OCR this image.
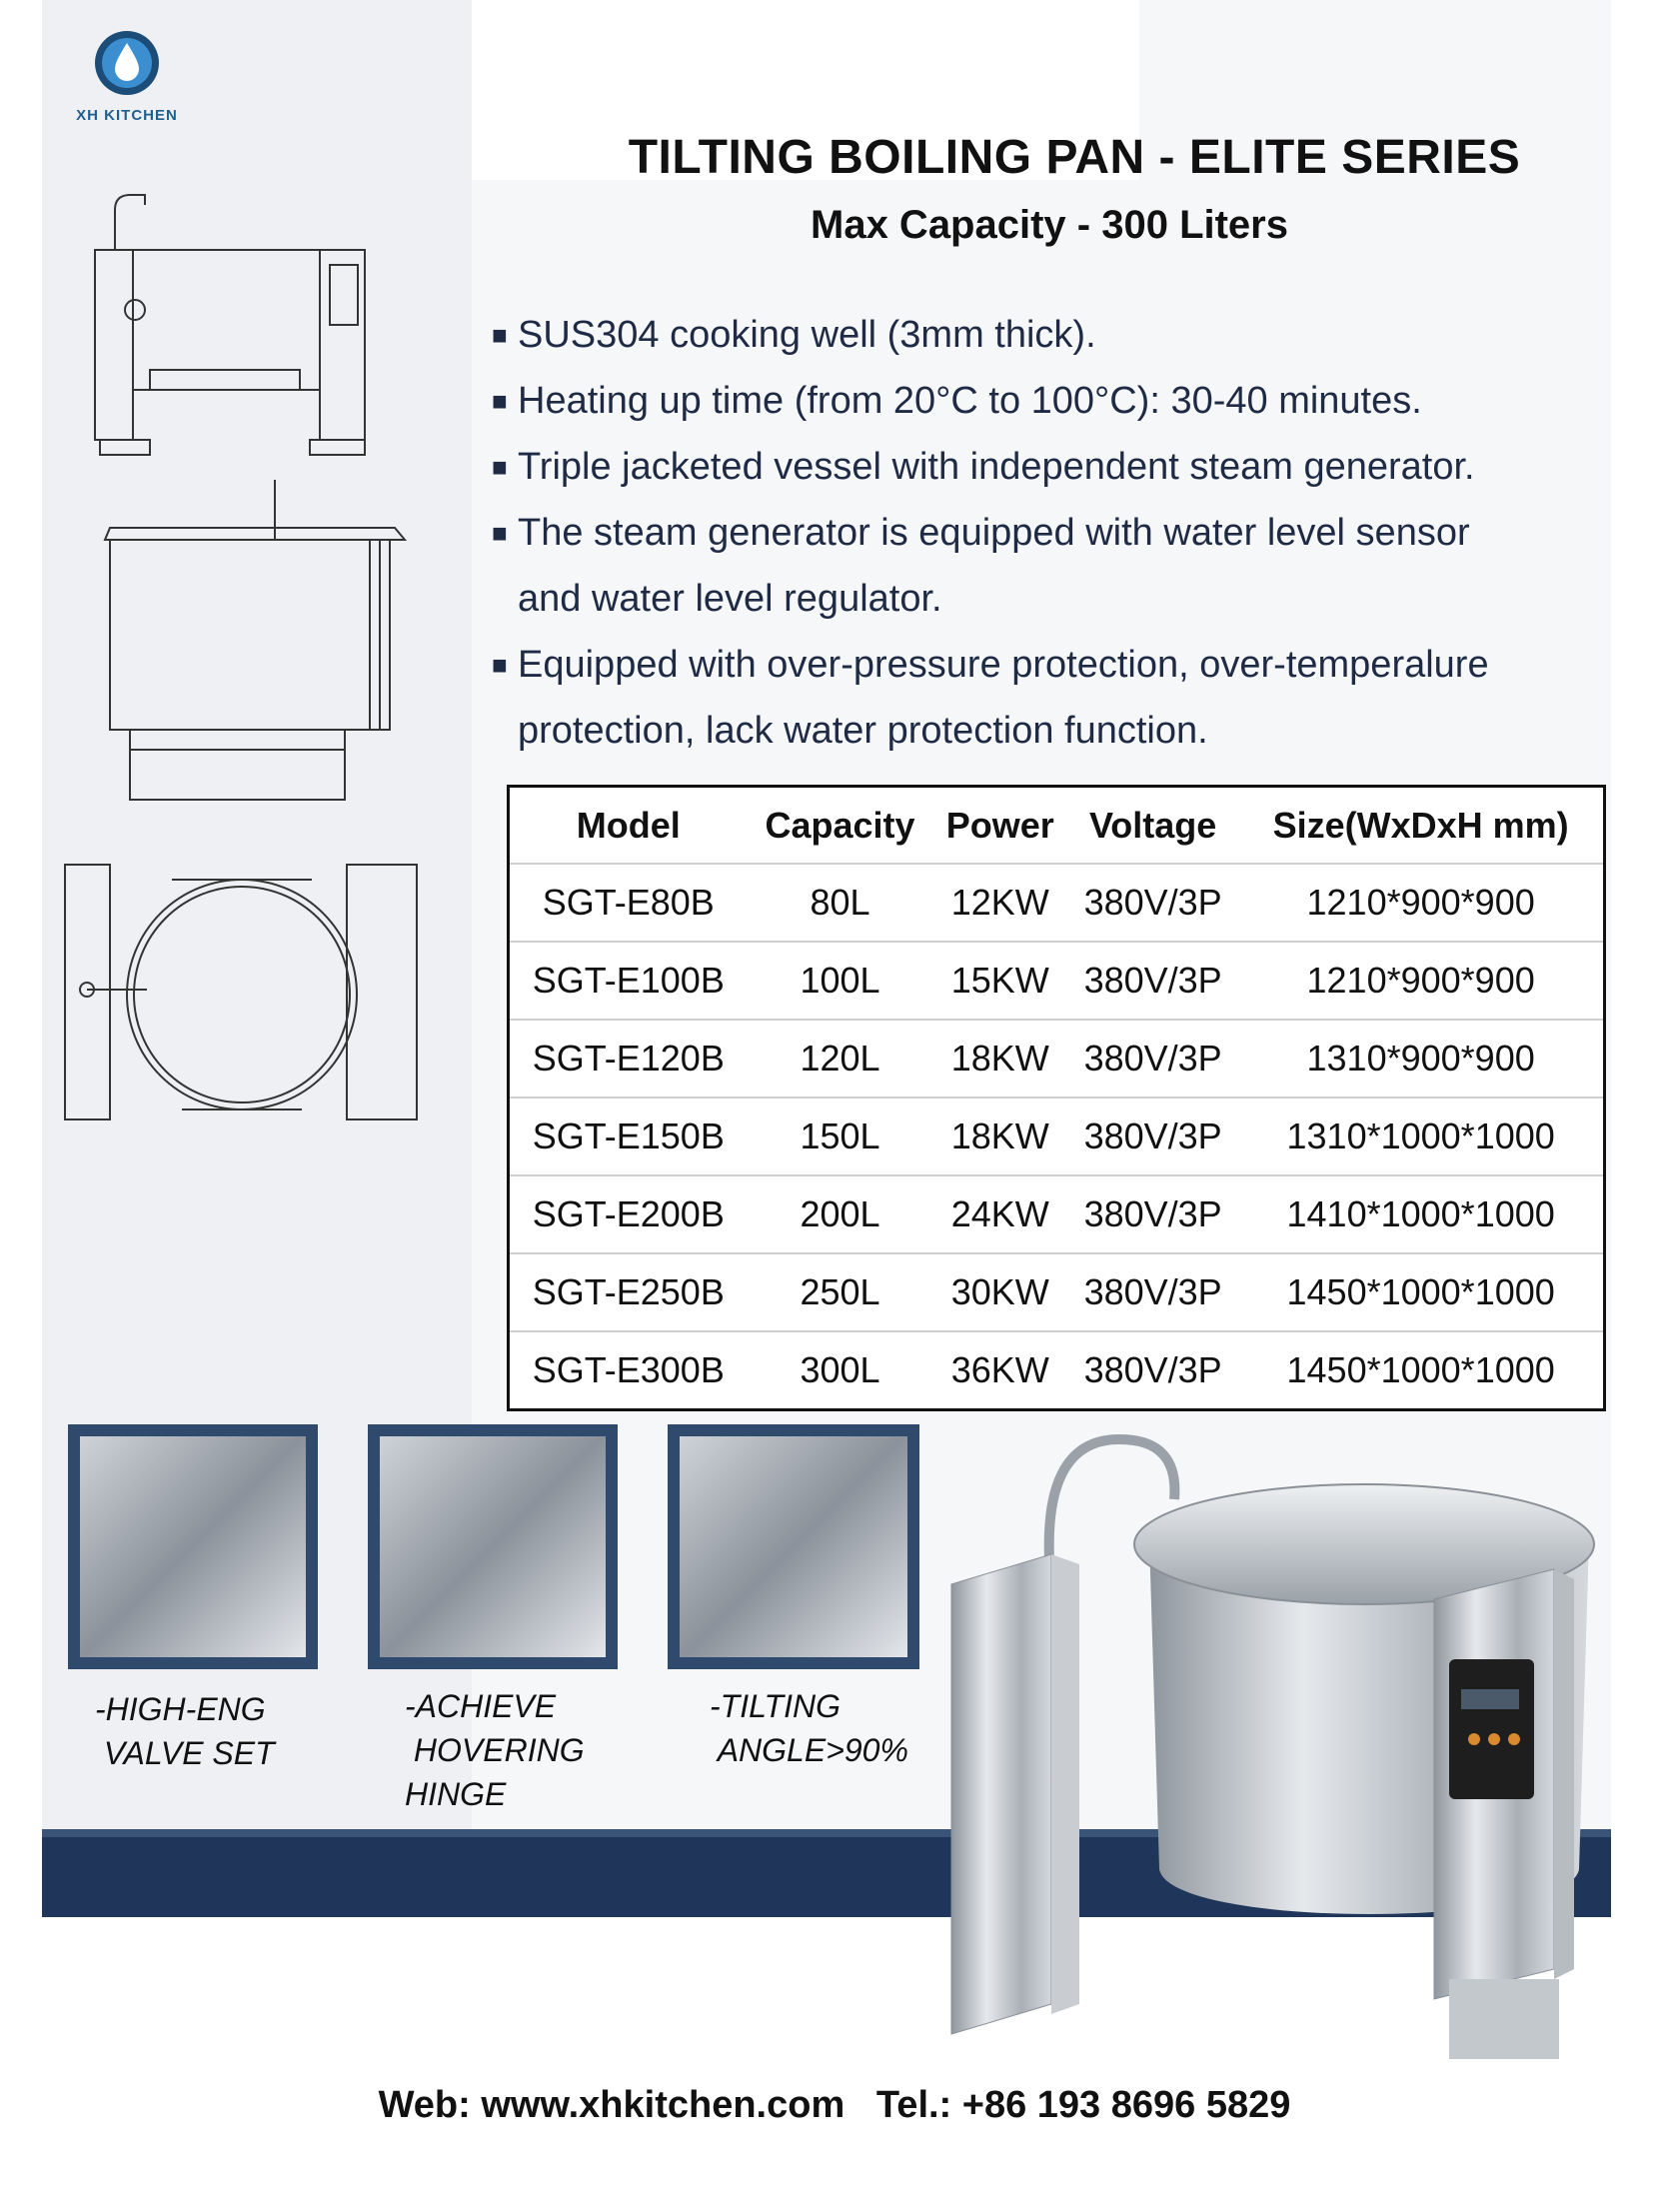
XH KITCHEN
TILTING BOILING PAN - ELITE SERIES
Max Capacity - 300 Liters
■ SUS304 cooking well (3mm thick).
■ Heating up time (from 20°C to 100°C): 30-40 minutes.
■ Triple jacketed vessel with independent steam generator.
■ The steam generator is equipped with water level sensor
and water level regulator.
■ Equipped with over-pressure protection, over-temperalure
protection, lack water protection function.
Model	Capacity	Power	Voltage	Size(WxDxH mm)
SGT-E80B	80L	12KW	380V/3P	1210*900*900
SGT-E100B	100L	15KW	380V/3P	1210*900*900
SGT-E120B	120L	18KW	380V/3P	1310*900*900
SGT-E150B	150L	18KW	380V/3P	1310*1000*1000
SGT-E200B	200L	24KW	380V/3P	1410*1000*1000
SGT-E250B	250L	30KW	380V/3P	1450*1000*1000
SGT-E300B	300L	36KW	380V/3P	1450*1000*1000
-HIGH-ENG
VALVE SET
-ACHIEVE
HOVERING
HINGE
-TILTING
ANGLE>90%
Web: www.xhkitchen.com   Tel.: +86 193 8696 5829
